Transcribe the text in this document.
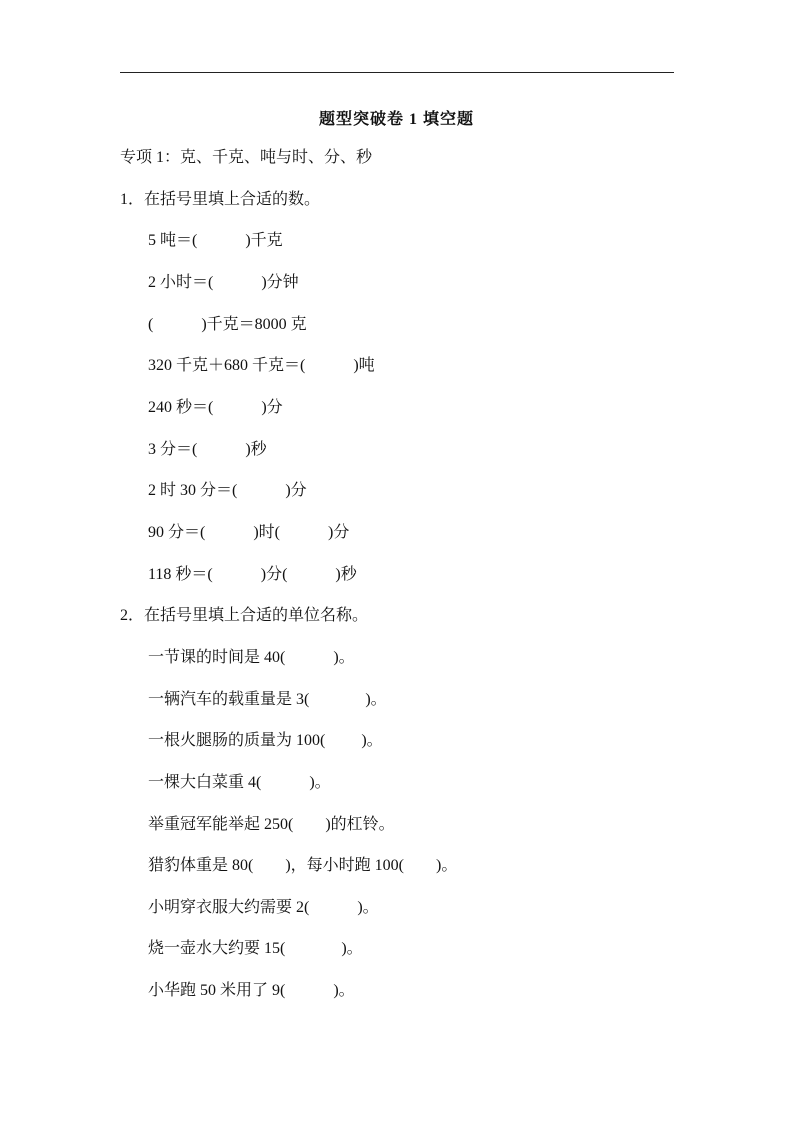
题型突破卷 1 填空题
专项 1：克、千克、吨与时、分、秒
1．在括号里填上合适的数。
5 吨＝(            )千克
2 小时＝(            )分钟
(            )千克＝8000 克
320 千克＋680 千克＝(            )吨
240 秒＝(            )分
3 分＝(            )秒
2 时 30 分＝(            )分
90 分＝(            )时(            )分
118 秒＝(            )分(            )秒
2．在括号里填上合适的单位名称。
一节课的时间是 40(            )。
一辆汽车的载重量是 3(              )。
一根火腿肠的质量为 100(         )。
一棵大白菜重 4(            )。
举重冠军能举起 250(        )的杠铃。
猎豹体重是 80(        )，每小时跑 100(        )。
小明穿衣服大约需要 2(            )。
烧一壶水大约要 15(              )。
小华跑 50 米用了 9(            )。
